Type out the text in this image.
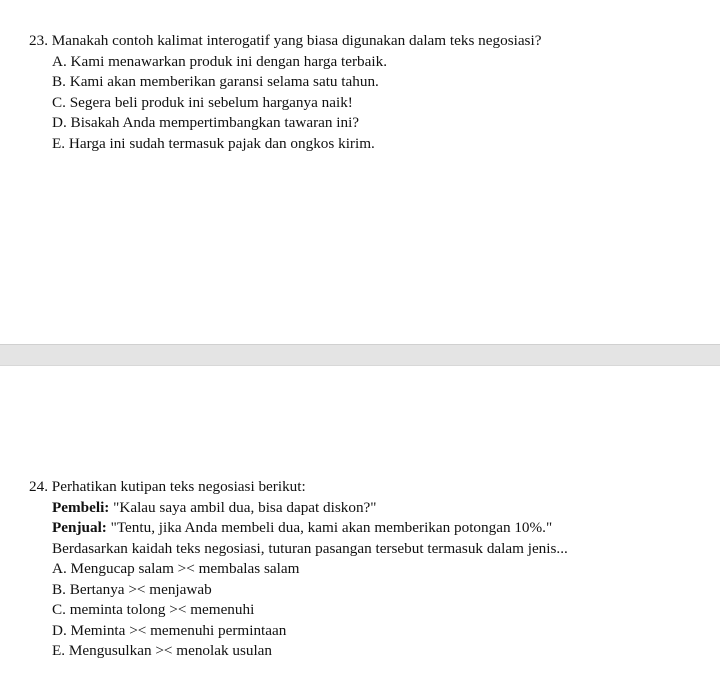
23. Manakah contoh kalimat interogatif yang biasa digunakan dalam teks negosiasi?
A. Kami menawarkan produk ini dengan harga terbaik.
B. Kami akan memberikan garansi selama satu tahun.
C. Segera beli produk ini sebelum harganya naik!
D. Bisakah Anda mempertimbangkan tawaran ini?
E. Harga ini sudah termasuk pajak dan ongkos kirim.
24. Perhatikan kutipan teks negosiasi berikut:
Pembeli: "Kalau saya ambil dua, bisa dapat diskon?"
Penjual: "Tentu, jika Anda membeli dua, kami akan memberikan potongan 10%."
Berdasarkan kaidah teks negosiasi, tuturan pasangan tersebut termasuk dalam jenis...
A. Mengucap salam >< membalas salam
B. Bertanya >< menjawab
C. meminta tolong >< memenuhi
D. Meminta >< memenuhi permintaan
E. Mengusulkan >< menolak usulan
